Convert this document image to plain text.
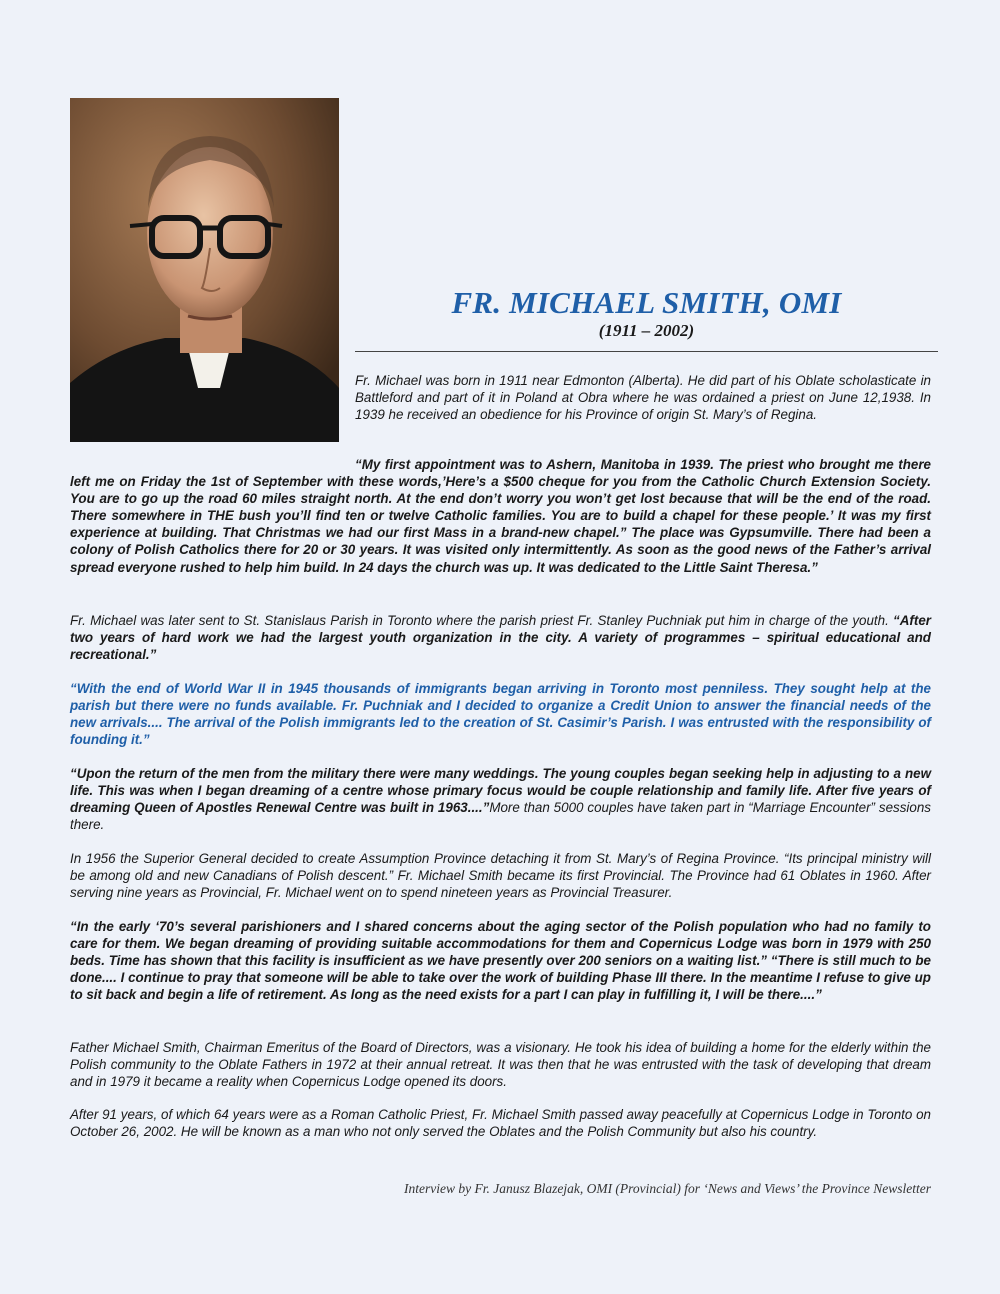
FR. MICHAEL SMITH, OMI

(1911 – 2002)

Fr. Michael was born in 1911 near Edmonton (Alberta). He did part of his Oblate scholasticate in Battleford and part of it in Poland at Obra where he was ordained a priest on June 12,1938. In 1939 he received an obedience for his Province of origin St. Mary’s of Regina.

“My first appointment was to Ashern, Manitoba in 1939. The priest who brought me there left me on Friday the 1st of September with these words,’Here’s a $500 cheque for you from the Catholic Church Extension Society. You are to go up the road 60 miles straight north. At the end don’t worry you won’t get lost because that will be the end of the road. There somewhere in THE bush you’ll find ten or twelve Catholic families. You are to build a chapel for these people.’ It was my first experience at building. That Christmas we had our first Mass in a brand-new chapel.” The place was Gypsumville. There had been a colony of Polish Catholics there for 20 or 30 years. It was visited only intermittently. As soon as the good news of the Father’s arrival spread everyone rushed to help him build. In 24 days the church was up. It was dedicated to the Little Saint Theresa.”

Fr. Michael was later sent to St. Stanislaus Parish in Toronto where the parish priest Fr. Stanley Puchniak put him in charge of the youth. “After two years of hard work we had the largest youth organization in the city. A variety of programmes – spiritual educational and recreational.”

“With the end of World War II in 1945 thousands of immigrants began arriving in Toronto most penniless. They sought help at the parish but there were no funds available. Fr. Puchniak and I decided to organize a Credit Union to answer the financial needs of the new arrivals.... The arrival of the Polish immigrants led to the creation of St. Casimir’s Parish. I was entrusted with the responsibility of founding it.”

“Upon the return of the men from the military there were many weddings. The young couples began seeking help in adjusting to a new life. This was when I began dreaming of a centre whose primary focus would be couple relationship and family life. After five years of dreaming Queen of Apostles Renewal Centre was built in 1963....”More than 5000 couples have taken part in “Marriage Encounter” sessions there.

In 1956 the Superior General decided to create Assumption Province detaching it from St. Mary’s of Regina Province. “Its principal ministry will be among old and new Canadians of Polish descent.” Fr. Michael Smith became its first Provincial. The Province had 61 Oblates in 1960. After serving nine years as Provincial, Fr. Michael went on to spend nineteen years as Provincial Treasurer.

“In the early ‘70’s several parishioners and I shared concerns about the aging sector of the Polish population who had no family to care for them. We began dreaming of providing suitable accommodations for them and Copernicus Lodge was born in 1979 with 250 beds. Time has shown that this facility is insufficient as we have presently over 200 seniors on a waiting list.” “There is still much to be done.... I continue to pray that someone will be able to take over the work of building Phase III there. In the meantime I refuse to give up to sit back and begin a life of retirement. As long as the need exists for a part I can play in fulfilling it, I will be there....”

Father Michael Smith, Chairman Emeritus of the Board of Directors, was a visionary. He took his idea of building a home for the elderly within the Polish community to the Oblate Fathers in 1972 at their annual retreat. It was then that he was entrusted with the task of developing that dream and in 1979 it became a reality when Copernicus Lodge opened its doors.

After 91 years, of which 64 years were as a Roman Catholic Priest, Fr. Michael Smith passed away peacefully at Copernicus Lodge in Toronto on October 26, 2002. He will be known as a man who not only served the Oblates and the Polish Community but also his country.

Interview by Fr. Janusz Blazejak, OMI (Provincial) for ‘News and Views’ the Province Newsletter
